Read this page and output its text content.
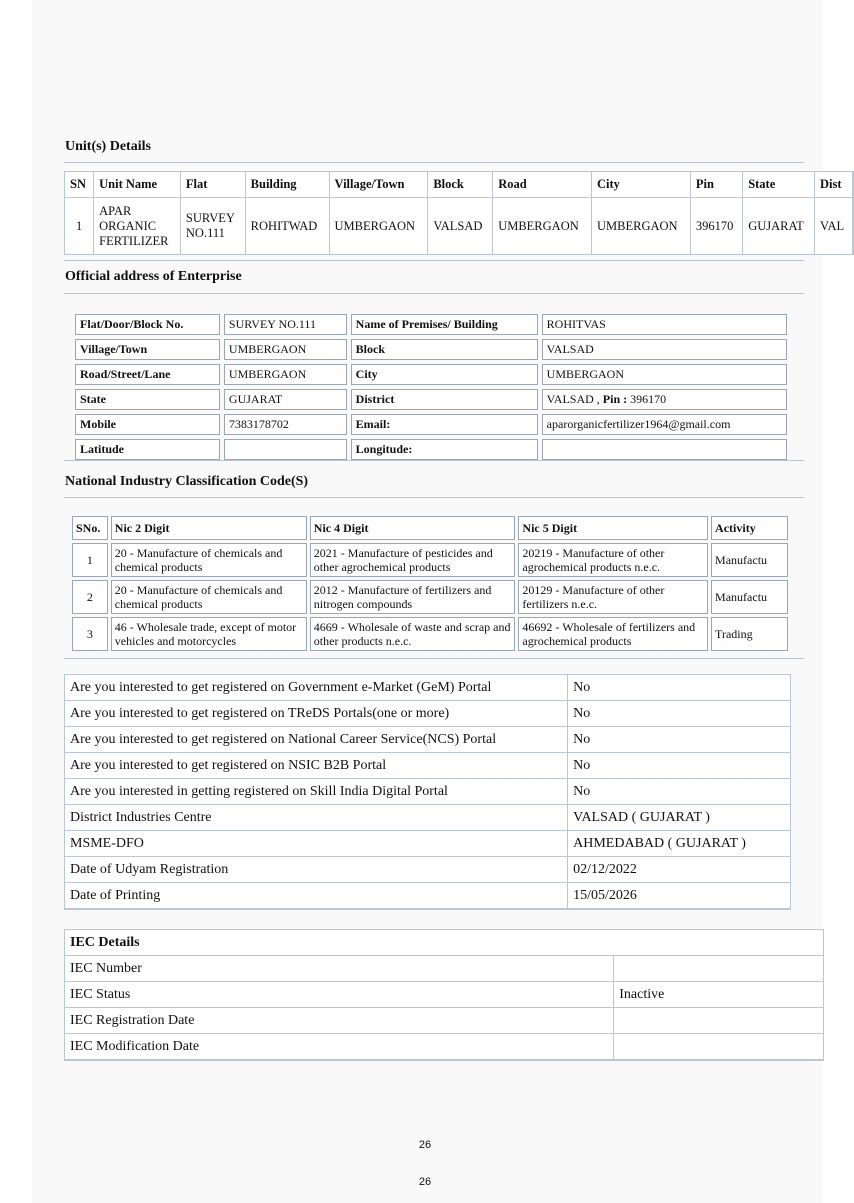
Unit(s) Details
SN	Unit Name	Flat	Building	Village/Town	Block	Road	City	Pin	State	Dist
1	APAR
ORGANIC
FERTILIZER	SURVEY
NO.111	ROHITWAD	UMBERGAON	VALSAD	UMBERGAON	UMBERGAON	396170	GUJARAT	VAL
Official address of Enterprise
Flat/Door/Block No.	SURVEY NO.111	Name of Premises/ Building	ROHITVAS
Village/Town	UMBERGAON	Block	VALSAD
Road/Street/Lane	UMBERGAON	City	UMBERGAON
State	GUJARAT	District	VALSAD , Pin : 396170
Mobile	7383178702	Email:	aparorganicfertilizer1964@gmail.com
Latitude		Longitude:	
National Industry Classification Code(S)
SNo.	Nic 2 Digit	Nic 4 Digit	Nic 5 Digit	Activity
1	20 - Manufacture of chemicals and chemical products	2021 - Manufacture of pesticides and other agrochemical products	20219 - Manufacture of other agrochemical products n.e.c.	Manufactu
2	20 - Manufacture of chemicals and chemical products	2012 - Manufacture of fertilizers and nitrogen compounds	20129 - Manufacture of other fertilizers n.e.c.	Manufactu
3	46 - Wholesale trade, except of motor vehicles and motorcycles	4669 - Wholesale of waste and scrap and other products n.e.c.	46692 - Wholesale of fertilizers and agrochemical products	Trading
Are you interested to get registered on Government e-Market (GeM) Portal	No
Are you interested to get registered on TReDS Portals(one or more)	No
Are you interested to get registered on National Career Service(NCS) Portal	No
Are you interested to get registered on NSIC B2B Portal	No
Are you interested in getting registered on Skill India Digital Portal	No
District Industries Centre	VALSAD ( GUJARAT )
MSME-DFO	AHMEDABAD ( GUJARAT )
Date of Udyam Registration	02/12/2022
Date of Printing	15/05/2026
IEC Details	
IEC Number	
IEC Status	Inactive
IEC Registration Date	
IEC Modification Date	
26
26
